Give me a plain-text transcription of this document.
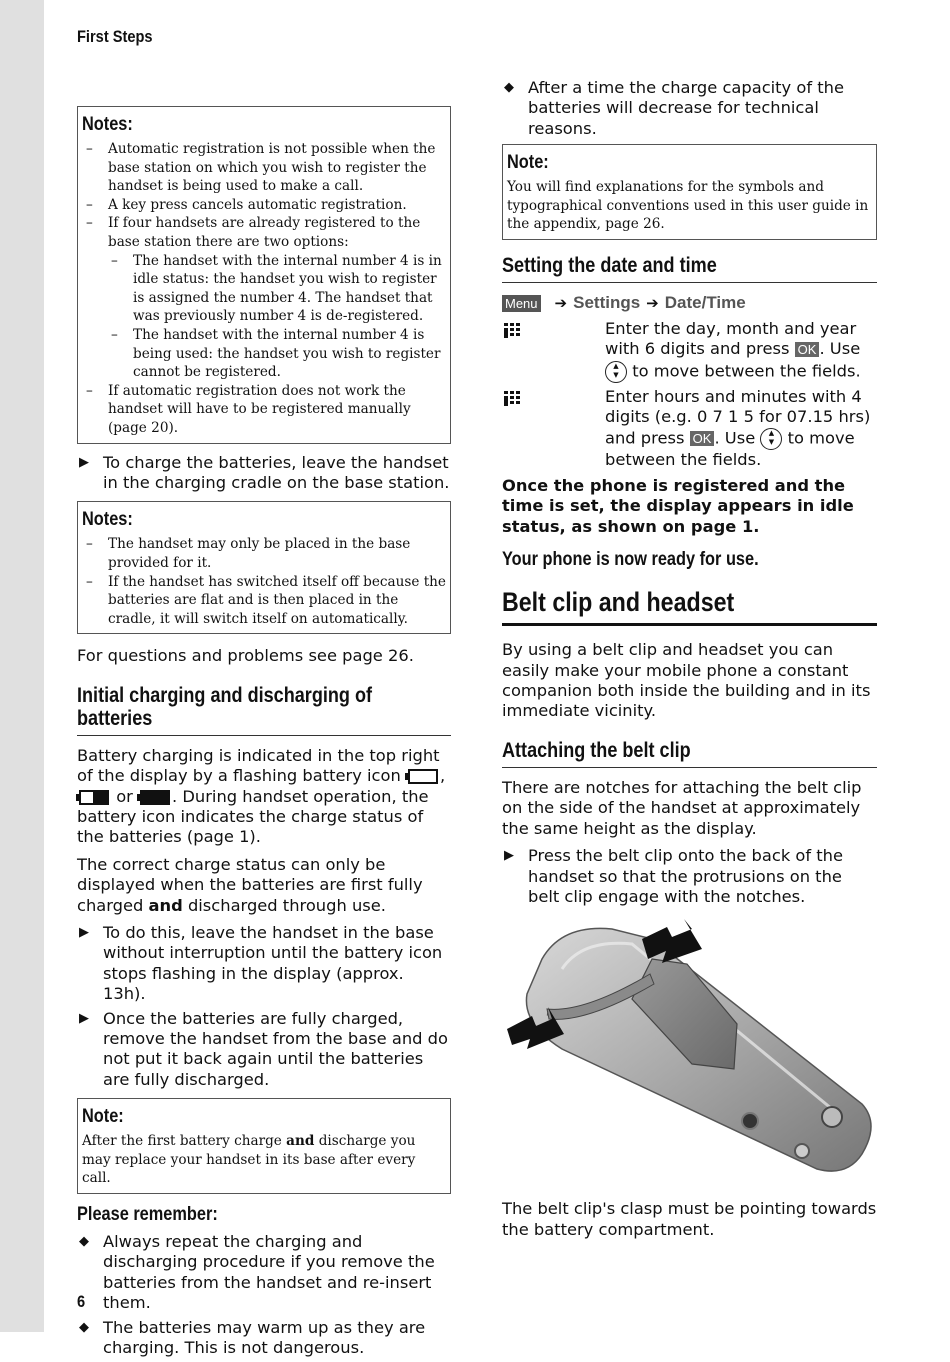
First Steps
Notes:
– Automatic registration is not possible when the base station on which you wish to register the handset is being used to make a call.
– A key press cancels automatic registration.
– If four handsets are already registered to the base station there are two options:
– The handset with the internal number 4 is in idle status: the handset you wish to register is assigned the number 4. The handset that was previously number 4 is de-registered.
– The handset with the internal number 4 is being used: the handset you wish to register cannot be registered.
– If automatic registration does not work the handset will have to be registered manually (page 20).
▶ To charge the batteries, leave the handset in the charging cradle on the base station.
Notes:
– The handset may only be placed in the base provided for it.
– If the handset has switched itself off because the batteries are flat and is then placed in the cradle, it will switch itself on automatically.

For questions and problems see page 26.

Initial charging and discharging of batteries

Battery charging is indicated in the top right of the display by a flashing battery icon ,
or . During handset operation, the battery icon indicates the charge status of the batteries (page 1).

The correct charge status can only be displayed when the batteries are first fully charged and discharged through use.

▶ To do this, leave the handset in the base without interruption until the battery icon stops flashing in the display (approx. 13h).
▶ Once the batteries are fully charged, remove the handset from the base and do not put it back again until the batteries are fully discharged.
Note:
After the first battery charge and discharge you may replace your handset in its base after every call.
Please remember:
◆ Always repeat the charging and discharging procedure if you remove the batteries from the handset and re-insert them.
◆ The batteries may warm up as they are charging. This is not dangerous.
◆ After a time the charge capacity of the batteries will decrease for technical reasons.
Note:
You will find explanations for the symbols and typographical conventions used in this user guide in the appendix, page 26.
Setting the date and time
Menu ➔ Settings ➔ Date/Time
Enter the day, month and year with 6 digits and press OK . Use ▲
▼ to move between the fields.
Enter hours and minutes with 4 digits (e.g. 0 7 1 5 for 07.15 hrs) and press OK . Use ▲
▼ to move between the fields.

Once the phone is registered and the time is set, the display appears in idle status, as shown on page 1.

Your phone is now ready for use.
Belt clip and headset

By using a belt clip and headset you can easily make your mobile phone a constant companion both inside the building and in its immediate vicinity.

Attaching the belt clip

There are notches for attaching the belt clip on the side of the handset at approximately the same height as the display.

▶ Press the belt clip onto the back of the handset so that the protrusions on the belt clip engage with the notches.

The belt clip's clasp must be pointing towards the battery compartment.

6
